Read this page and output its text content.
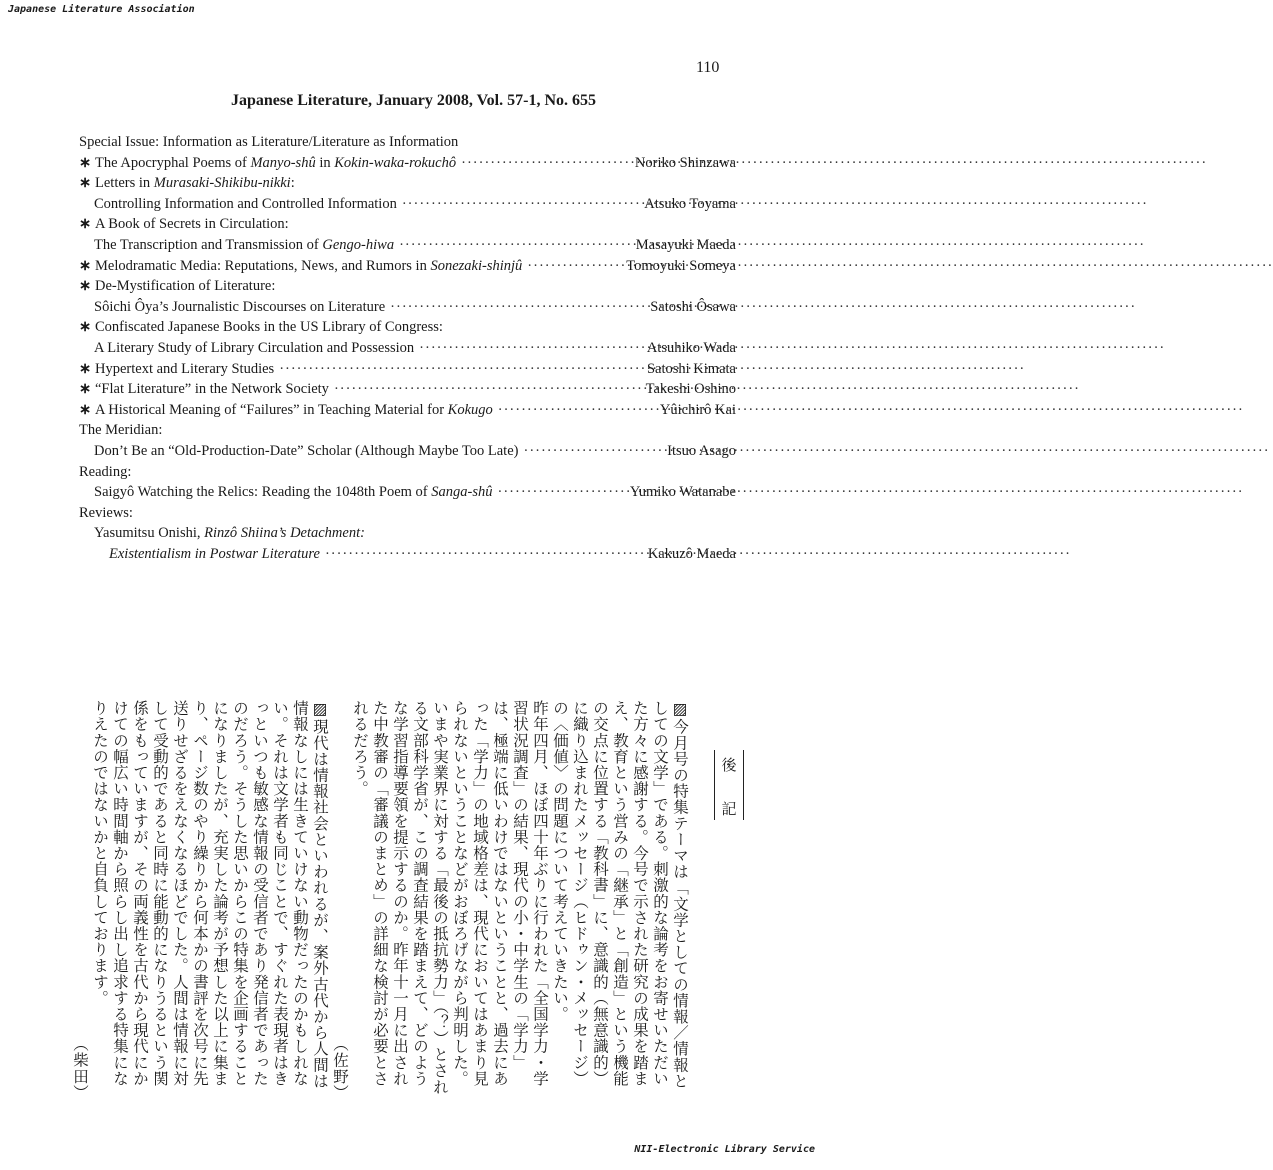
Japanese Literature Association
110
Japanese Literature, January 2008, Vol. 57-1, No. 655
Special Issue: Information as Literature/Literature as Information
∗ The Apocryphal Poems of Manyo-shû in Kokin-waka-rokuchô ·····	Noriko Shinzawa
∗ Letters in Murasaki-Shikibu-nikki:
Controlling Information and Controlled Information ·····	Atsuko Toyama
∗ A Book of Secrets in Circulation:
The Transcription and Transmission of Gengo-hiwa ·····	Masayuki Maeda
∗ Melodramatic Media: Reputations, News, and Rumors in Sonezaki-shinjû ·····	Tomoyuki Someya
∗ De-Mystification of Literature:
Sôichi Ôya’s Journalistic Discourses on Literature ·····	Satoshi Ôsawa
∗ Confiscated Japanese Books in the US Library of Congress:
A Literary Study of Library Circulation and Possession ·····	Atsuhiko Wada
∗ Hypertext and Literary Studies ·····	Satoshi Kimata
∗ “Flat Literature” in the Network Society ·····	Takeshi Oshino
∗ A Historical Meaning of “Failures” in Teaching Material for Kokugo ·····	Yûichirô Kai
The Meridian:
Don’t Be an “Old-Production-Date” Scholar (Although Maybe Too Late) ·····	Itsuo Asago
Reading:
Saigyô Watching the Relics: Reading the 1048th Poem of Sanga-shû ·····	Yumiko Watanabe
Reviews:
Yasumitsu Onishi, Rinzô Shiina’s Detachment:
Existentialism in Postwar Literature ·····	Kakuzô Maeda
後
記

▨今月号の特集テーマは「文学としての情報／情報としての文学」である。刺激的な論考をお寄せいただいた方々に感謝する。今号で示された研究の成果を踏まえ、教育という営みの「継承」と「創造」という機能の交点に位置する「教科書」に、意識的（無意識的）に織り込まれたメッセージ（ヒドゥン・メッセージ）の〈価値〉の問題について考えていきたい。

昨年四月、ほぼ四十年ぶりに行われた「全国学力・学習状況調査」の結果、現代の小・中学生の「学力」は、極端に低いわけではないということと、過去にあった「学力」の地域格差は、現代においてはあまり見られないということなどがおぼろげながら判明した。いまや実業界に対する「最後の抵抗勢力」（？）とされる文部科学省が、この調査結果を踏まえて、どのような学習指導要領を提示するのか。昨年十一月に出された中教審の「審議のまとめ」の詳細な検討が必要とされるだろう。

（佐野）

▨現代は情報社会といわれるが、案外古代から人間は情報なしには生きていけない動物だったのかもしれない。それは文学者も同じことで、すぐれた表現者はきっといつも敏感な情報の受信者であり発信者であったのだろう。そうした思いからこの特集を企画することになりましたが、充実した論考が予想した以上に集まり、ページ数のやり繰りから何本かの書評を次号に先送りせざるをえなくなるほどでした。人間は情報に対して受動的であると同時に能動的になりうるという関係をもっていますが、その両義性を古代から現代にかけての幅広い時間軸から照らし出し追求する特集になりえたのではないかと自負しております。

（柴田）

NII-Electronic Library Service
